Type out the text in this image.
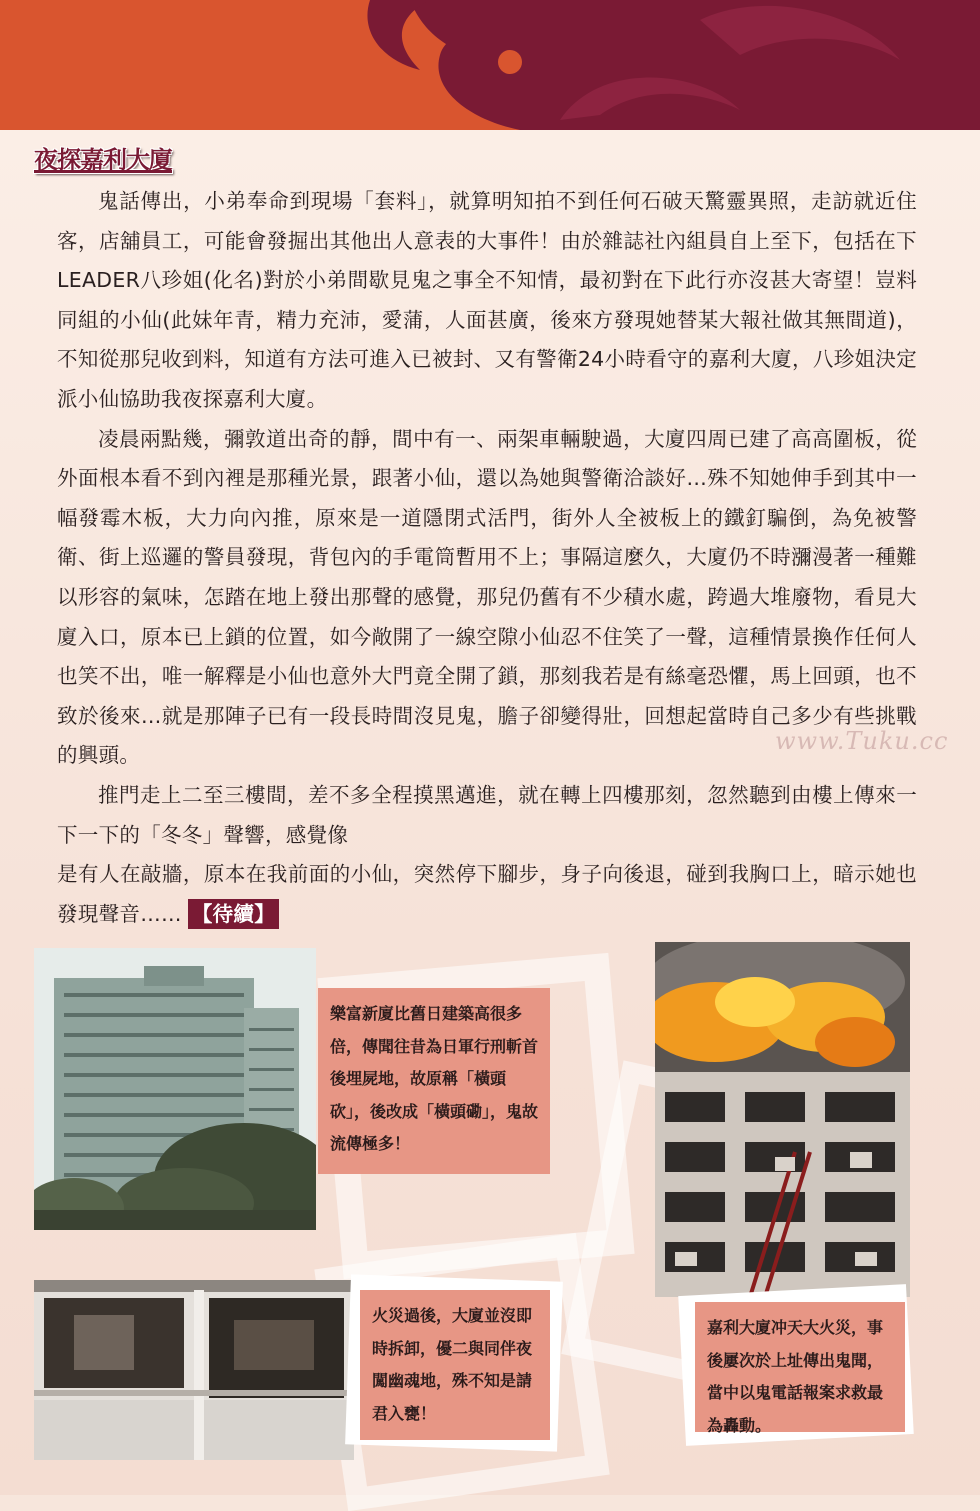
夜探嘉利大廈

鬼話傳出，小弟奉命到現場「套料」，就算明知拍不到任何石破天驚靈異照，走訪就近住客，店舖員工，可能會發掘出其他出人意表的大事件！由於雜誌社內組員自上至下，包括在下LEADER八珍姐(化名)對於小弟間歇見鬼之事全不知情，最初對在下此行亦沒甚大寄望！豈料同組的小仙(此妹年青，精力充沛，愛蒲，人面甚廣，後來方發現她替某大報社做其無間道)，不知從那兒收到料，知道有方法可進入已被封、又有警衛24小時看守的嘉利大廈，八珍姐決定派小仙協助我夜探嘉利大廈。

凌晨兩點幾，彌敦道出奇的靜，間中有一、兩架車輛駛過，大廈四周已建了高高圍板，從外面根本看不到內裡是那種光景，跟著小仙，還以為她與警衛洽談好…殊不知她伸手到其中一幅發霉木板，大力向內推，原來是一道隱閉式活門，街外人全被板上的鐵釘騙倒，為免被警衛、街上巡邏的警員發現，背包內的手電筒暫用不上；事隔這麼久，大廈仍不時瀰漫著一種難以形容的氣味，怎踏在地上發出那聲的感覺，那兒仍舊有不少積水處，跨過大堆廢物，看見大廈入口，原本已上鎖的位置，如今敞開了一線空隙小仙忍不住笑了一聲，這種情景換作任何人也笑不出，唯一解釋是小仙也意外大門竟全開了鎖，那刻我若是有絲毫恐懼，馬上回頭，也不致於後來…就是那陣子已有一段長時間沒見鬼，膽子卻變得壯，回想起當時自己多少有些挑戰的興頭。

推門走上二至三樓間，差不多全程摸黑邁進，就在轉上四樓那刻，忽然聽到由樓上傳來一下一下的「冬冬」聲響，感覺像

是有人在敲牆，原本在我前面的小仙，突然停下腳步，身子向後退，碰到我胸口上，暗示她也發現聲音…… 【待續】

www.Tuku.cc
樂富新廈比舊日建築高很多倍，傳聞往昔為日軍行刑斬首後埋屍地，故原稱「橫頭砍」，後改成「橫頭磡」，鬼故流傳極多！
嘉利大廈冲天大火災，事後屢次於上址傳出鬼聞，當中以鬼電話報案求救最為轟動。
火災過後，大廈並沒即時拆卸，優二與同伴夜闖幽魂地，殊不知是請君入甕！
